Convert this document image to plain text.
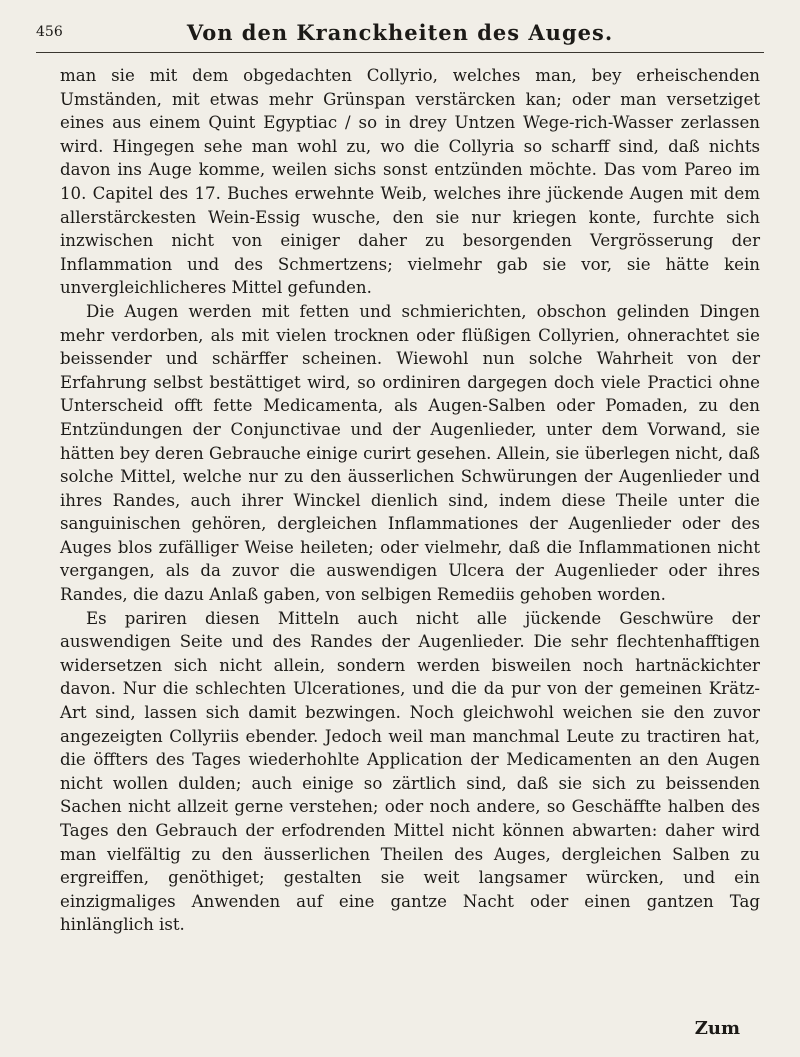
456	Von den Kranckheiten des Auges.

man sie mit dem obgedachten Collyrio, welches man, bey erheischenden Umständen, mit etwas mehr Grünspan verstärcken kan; oder man versetziget eines aus einem Quint Egyptiac / so in drey Untzen Wege-rich-Wasser zerlassen wird. Hingegen sehe man wohl zu, wo die Collyria so scharff sind, daß nichts davon ins Auge komme, weilen sichs sonst entzünden möchte. Das vom Pareo im 10. Capitel des 17. Buches erwehnte Weib, welches ihre jückende Augen mit dem allerstärckesten Wein-Essig wusche, den sie nur kriegen konte, furchte sich inzwischen nicht von einiger daher zu besorgenden Vergrösserung der Inflammation und des Schmertzens; vielmehr gab sie vor, sie hätte kein unvergleichlicheres Mittel gefunden.

Die Augen werden mit fetten und schmierichten, obschon gelinden Dingen mehr verdorben, als mit vielen trocknen oder flüßigen Collyrien, ohnerachtet sie beissender und schärffer scheinen. Wiewohl nun solche Wahrheit von der Erfahrung selbst bestättiget wird, so ordiniren dargegen doch viele Practici ohne Unterscheid offt fette Medicamenta, als Augen-Salben oder Pomaden, zu den Entzündungen der Conjunctivae und der Augenlieder, unter dem Vorwand, sie hätten bey deren Gebrauche einige curirt gesehen. Allein, sie überlegen nicht, daß solche Mittel, welche nur zu den äusserlichen Schwürungen der Augenlieder und ihres Randes, auch ihrer Winckel dienlich sind, indem diese Theile unter die sanguinischen gehören, dergleichen Inflammationes der Augenlieder oder des Auges blos zufälliger Weise heileten; oder vielmehr, daß die Inflammationen nicht vergangen, als da zuvor die auswendigen Ulcera der Augenlieder oder ihres Randes, die dazu Anlaß gaben, von selbigen Remediis gehoben worden.

Es pariren diesen Mitteln auch nicht alle jückende Geschwüre der auswendigen Seite und des Randes der Augenlieder. Die sehr flechtenhafftigen widersetzen sich nicht allein, sondern werden bisweilen noch hartnäckichter davon. Nur die schlechten Ulcerationes, und die da pur von der gemeinen Krätz-Art sind, lassen sich damit bezwingen. Noch gleichwohl weichen sie den zuvor angezeigten Collyriis ebender. Jedoch weil man manchmal Leute zu tractiren hat, die öffters des Tages wiederhohlte Application der Medicamenten an den Augen nicht wollen dulden; auch einige so zärtlich sind, daß sie sich zu beissenden Sachen nicht allzeit gerne verstehen; oder noch andere, so Geschäffte halben des Tages den Gebrauch der erfodrenden Mittel nicht können abwarten: daher wird man vielfältig zu den äusserlichen Theilen des Auges, dergleichen Salben zu ergreiffen, genöthiget; gestalten sie weit langsamer würcken, und ein einzigmaliges Anwenden auf eine gantze Nacht oder einen gantzen Tag hinlänglich ist.

Zum
